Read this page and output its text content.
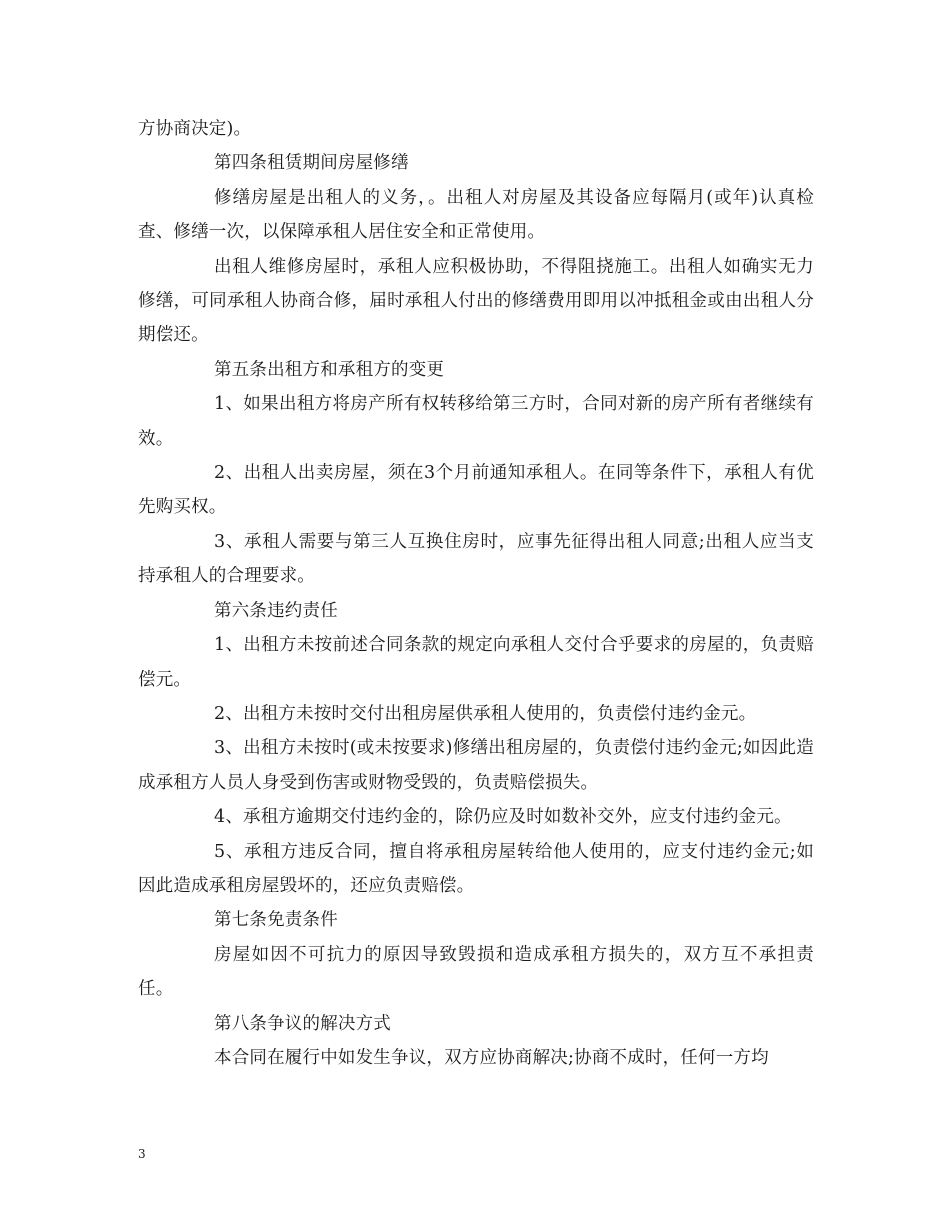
方协商决定)。

第四条租赁期间房屋修缮

修缮房屋是出租人的义务，。出租人对房屋及其设备应每隔月(或年)认真检查、修缮一次，以保障承租人居住安全和正常使用。

出租人维修房屋时，承租人应积极协助，不得阻挠施工。出租人如确实无力修缮，可同承租人协商合修，届时承租人付出的修缮费用即用以冲抵租金或由出租人分期偿还。

第五条出租方和承租方的变更

1、如果出租方将房产所有权转移给第三方时，合同对新的房产所有者继续有效。

2、出租人出卖房屋，须在3个月前通知承租人。在同等条件下，承租人有优先购买权。

3、承租人需要与第三人互换住房时，应事先征得出租人同意;出租人应当支持承租人的合理要求。

第六条违约责任

1、出租方未按前述合同条款的规定向承租人交付合乎要求的房屋的，负责赔偿元。

2、出租方未按时交付出租房屋供承租人使用的，负责偿付违约金元。

3、出租方未按时(或未按要求)修缮出租房屋的，负责偿付违约金元;如因此造成承租方人员人身受到伤害或财物受毁的，负责赔偿损失。

4、承租方逾期交付违约金的，除仍应及时如数补交外，应支付违约金元。

5、承租方违反合同，擅自将承租房屋转给他人使用的，应支付违约金元;如因此造成承租房屋毁坏的，还应负责赔偿。

第七条免责条件

房屋如因不可抗力的原因导致毁损和造成承租方损失的，双方互不承担责任。

第八条争议的解决方式

本合同在履行中如发生争议，双方应协商解决;协商不成时，任何一方均

3
